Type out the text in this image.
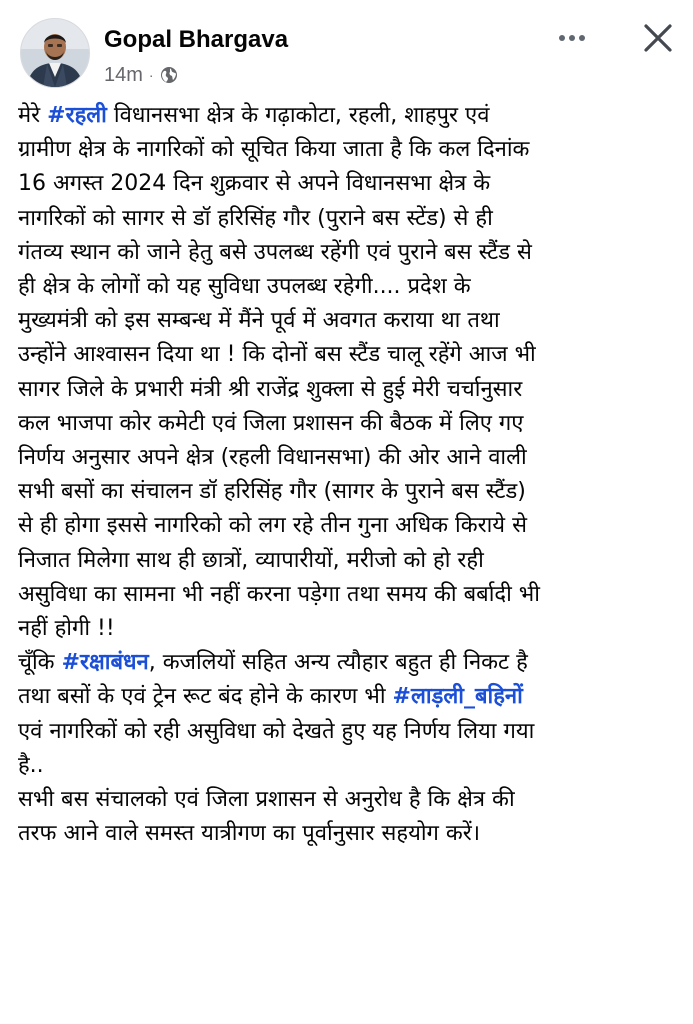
Gopal Bhargava
14m ·

मेरे #रहली विधानसभा क्षेत्र के गढ़ाकोटा, रहली, शाहपुर एवं

ग्रामीण क्षेत्र के नागरिकों को सूचित किया जाता है कि कल दिनांक

16 अगस्त 2024 दिन शुक्रवार से अपने विधानसभा क्षेत्र के

नागरिकों को सागर से डॉ हरिसिंह गौर (पुराने बस स्टेंड) से ही

गंतव्य स्थान को जाने हेतु बसे उपलब्ध रहेंगी एवं पुराने बस स्टैंड से

ही क्षेत्र के लोगों को यह सुविधा उपलब्ध रहेगी.... प्रदेश के

मुख्यमंत्री को इस सम्बन्ध में मैंने पूर्व में अवगत कराया था तथा

उन्होंने आश्वासन दिया था ! कि दोनों बस स्टैंड चालू रहेंगे आज भी

सागर जिले के प्रभारी मंत्री श्री राजेंद्र शुक्ला से हुई मेरी चर्चानुसार

कल भाजपा कोर कमेटी एवं जिला प्रशासन की बैठक में लिए गए

निर्णय अनुसार अपने क्षेत्र (रहली विधानसभा) की ओर आने वाली

सभी बसों का संचालन डॉ हरिसिंह गौर (सागर के पुराने बस स्टैंड)

से ही होगा इससे नागरिको को लग रहे तीन गुना अधिक किराये से

निजात मिलेगा साथ ही छात्रों, व्यापारीयों, मरीजो को हो रही

असुविधा का सामना भी नहीं करना पड़ेगा तथा समय की बर्बादी भी

नहीं होगी !!

चूँकि #रक्षाबंधन, कजलियों सहित अन्य त्यौहार बहुत ही निकट है

तथा बसों के एवं ट्रेन रूट बंद होने के कारण भी #लाड़ली_बहिनों

एवं नागरिकों को रही असुविधा को देखते हुए यह निर्णय लिया गया

है..

सभी बस संचालको एवं जिला प्रशासन से अनुरोध है कि क्षेत्र की

तरफ आने वाले समस्त यात्रीगण का पूर्वानुसार सहयोग करें।
